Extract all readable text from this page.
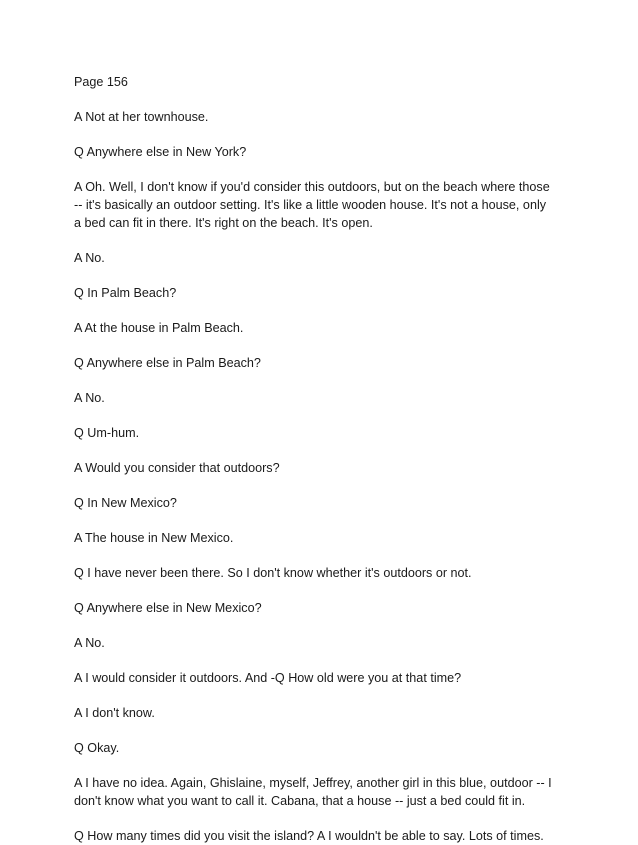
Page 156

A Not at her townhouse.

Q Anywhere else in New York?

A Oh. Well, I don't know if you'd consider this outdoors, but on the beach where those -- it's basically an outdoor setting. It's like a little wooden house. It's not a house, only a bed can fit in there. It's right on the beach. It's open.

A No.

Q In Palm Beach?

A At the house in Palm Beach.

Q Anywhere else in Palm Beach?

A No.

Q Um-hum.

A Would you consider that outdoors?

Q In New Mexico?

A The house in New Mexico.

Q I have never been there. So I don't know whether it's outdoors or not.

Q Anywhere else in New Mexico?

A No.

A I would consider it outdoors. And -Q How old were you at that time?

A I don't know.

Q Okay.

A I have no idea. Again, Ghislaine, myself, Jeffrey, another girl in this blue, outdoor -- I don't know what you want to call it. Cabana, that a house -- just a bed could fit in.

Q How many times did you visit the island? A I wouldn't be able to say. Lots of times.
